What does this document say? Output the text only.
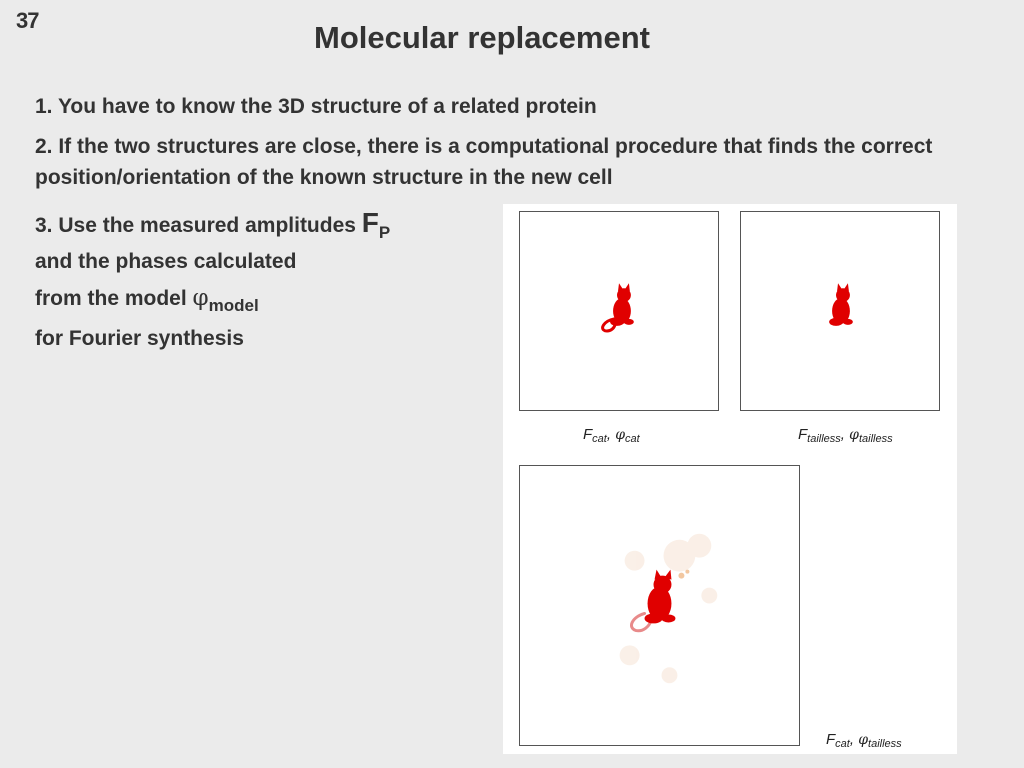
37	Molecular replacement
1. You have to know the 3D structure of a related protein
2. If the two structures are close, there is a computational procedure that finds the correct position/orientation of the known structure in the new cell
3. Use the measured amplitudes $F_P$
and the phases calculated
from the model $\varphi_{model}$
for Fourier synthesis
$F_{cat}$, $\varphi_{cat}$	$F_{tailless}$, $\varphi_{tailless}$
$F_{cat}$, $\varphi_{tailless}$
